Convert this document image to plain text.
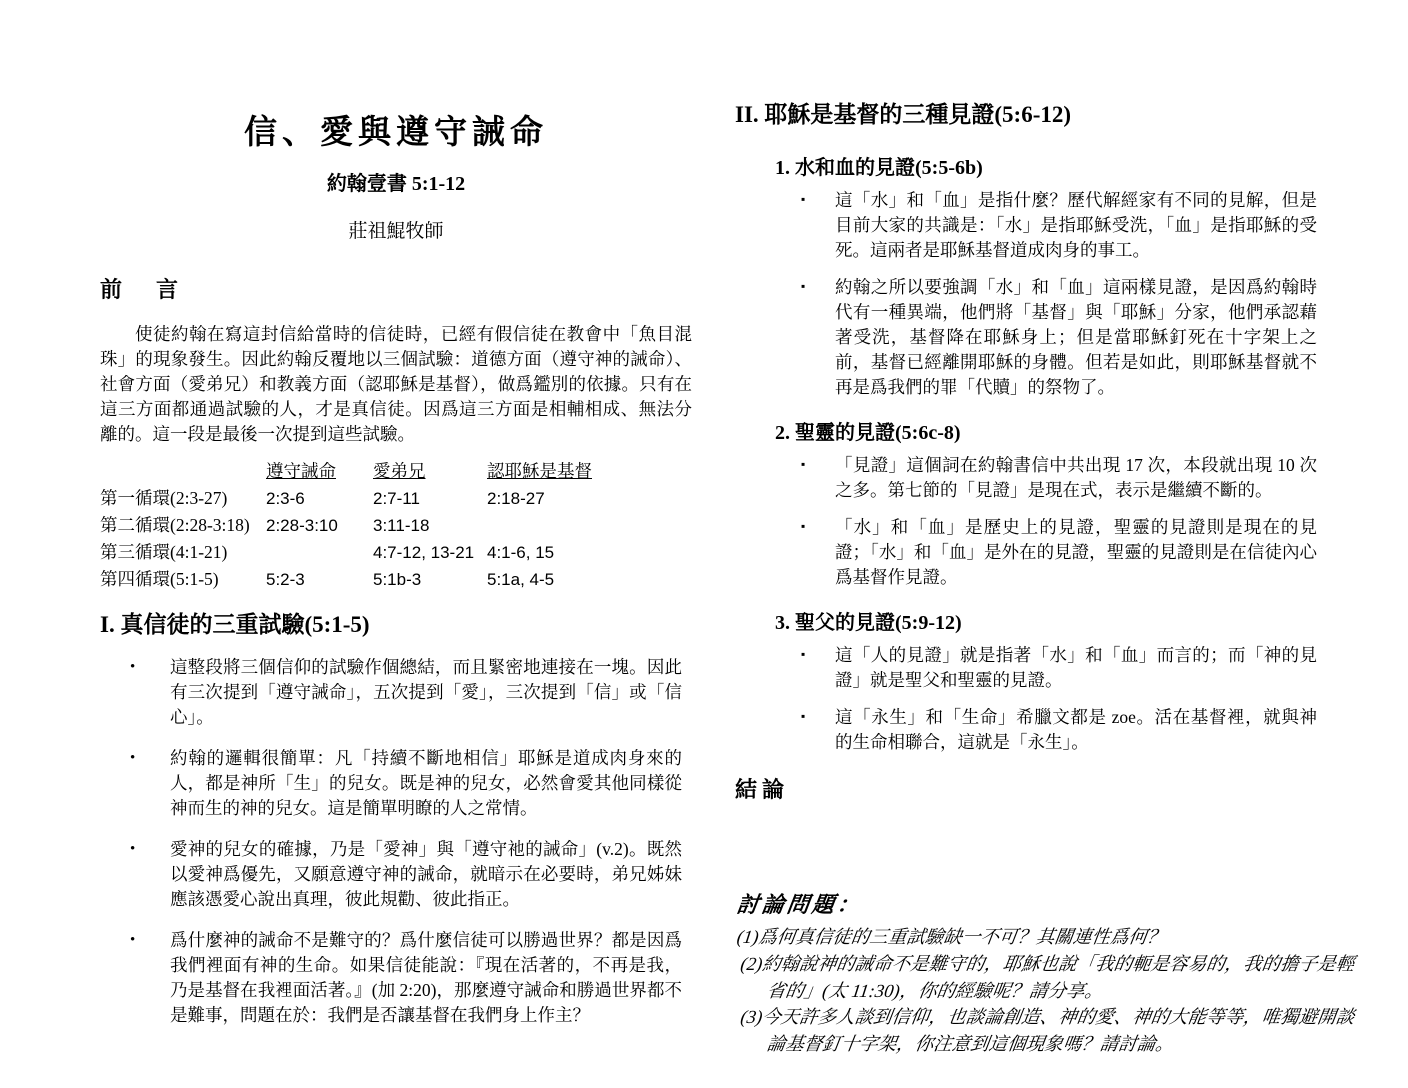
信、愛與遵守誡命
約翰壹書 5:1-12
莊祖鯤牧師
前　言

使徒約翰在寫這封信給當時的信徒時，已經有假信徒在教會中「魚目混珠」的現象發生。因此約翰反覆地以三個試驗：道德方面（遵守神的誡命）、社會方面（愛弟兄）和教義方面（認耶穌是基督），做爲鑑別的依據。只有在這三方面都通過試驗的人，才是真信徒。因爲這三方面是相輔相成、無法分離的。這一段是最後一次提到這些試驗。

	遵守誡命	愛弟兄	認耶穌是基督
第一循環(2:3-27)	2:3-6	2:7-11	2:18-27
第二循環(2:28-3:18)	2:28-3:10	3:11-18	
第三循環(4:1-21)		4:7-12, 13-21	4:1-6, 15
第四循環(5:1-5)	5:2-3	5:1b-3	5:1a, 4-5
I. 真信徒的三重試驗(5:1-5)
• 這整段將三個信仰的試驗作個總結，而且緊密地連接在一塊。因此有三次提到「遵守誡命」，五次提到「愛」，三次提到「信」或「信心」。
• 約翰的邏輯很簡單：凡「持續不斷地相信」耶穌是道成肉身來的人，都是神所「生」的兒女。既是神的兒女，必然會愛其他同樣從神而生的神的兒女。這是簡單明瞭的人之常情。
• 愛神的兒女的確據，乃是「愛神」與「遵守祂的誡命」(v.2)。既然以愛神爲優先，又願意遵守神的誡命，就暗示在必要時，弟兄姊妹應該憑愛心說出真理，彼此規勸、彼此指正。
• 爲什麼神的誡命不是難守的？爲什麼信徒可以勝過世界？都是因爲我們裡面有神的生命。如果信徒能說：『現在活著的，不再是我，乃是基督在我裡面活著。』(加 2:20)，那麼遵守誡命和勝過世界都不是難事，問題在於：我們是否讓基督在我們身上作主？
II. 耶穌是基督的三種見證(5:6-12)
1. 水和血的見證(5:5-6b)
▪ 這「水」和「血」是指什麼？歷代解經家有不同的見解，但是目前大家的共識是：「水」是指耶穌受洗，「血」是指耶穌的受死。這兩者是耶穌基督道成肉身的事工。
▪ 約翰之所以要強調「水」和「血」這兩樣見證，是因爲約翰時代有一種異端，他們將「基督」與「耶穌」分家，他們承認藉著受洗，基督降在耶穌身上；但是當耶穌釘死在十字架上之前，基督已經離開耶穌的身體。但若是如此，則耶穌基督就不再是爲我們的罪「代贖」的祭物了。
2. 聖靈的見證(5:6c-8)
▪ 「見證」這個詞在約翰書信中共出現 17 次，本段就出現 10 次之多。第七節的「見證」是現在式，表示是繼續不斷的。
▪ 「水」和「血」是歷史上的見證，聖靈的見證則是現在的見證；「水」和「血」是外在的見證，聖靈的見證則是在信徒內心爲基督作見證。
3. 聖父的見證(5:9-12)
▪ 這「人的見證」就是指著「水」和「血」而言的；而「神的見證」就是聖父和聖靈的見證。
▪ 這「永生」和「生命」希臘文都是 zoe。活在基督裡，就與神的生命相聯合，這就是「永生」。
結論
討論問題：

(1)爲何真信徒的三重試驗缺一不可？其關連性爲何？

(2)約翰說神的誡命不是難守的，耶穌也說「我的軛是容易的，我的擔子是輕省的」(太 11:30)，你的經驗呢？請分享。

(3)今天許多人談到信仰，也談論創造、神的愛、神的大能等等，唯獨避開談論基督釘十字架，你注意到這個現象嗎？請討論。
